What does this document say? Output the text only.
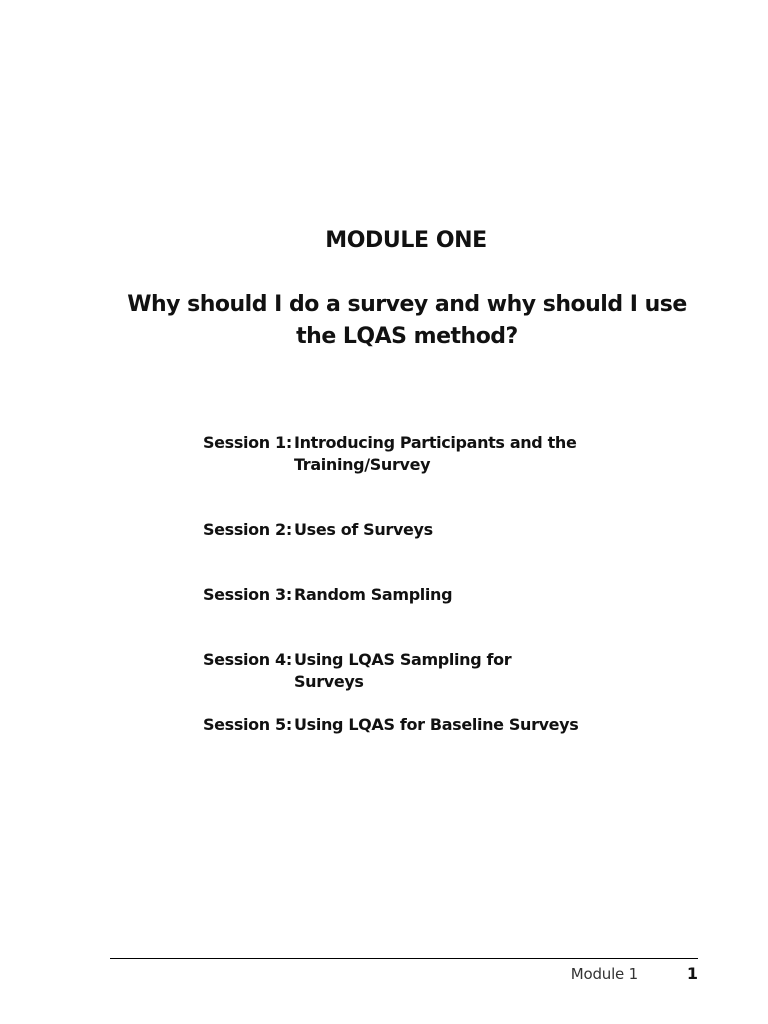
MODULE ONE
Why should I do a survey and why should I use the LQAS method?
Session 1: Introducing Participants and the Training/Survey
Session 2: Uses of Surveys
Session 3: Random Sampling
Session 4: Using LQAS Sampling for Surveys
Session 5: Using LQAS for Baseline Surveys
Module 1	1
